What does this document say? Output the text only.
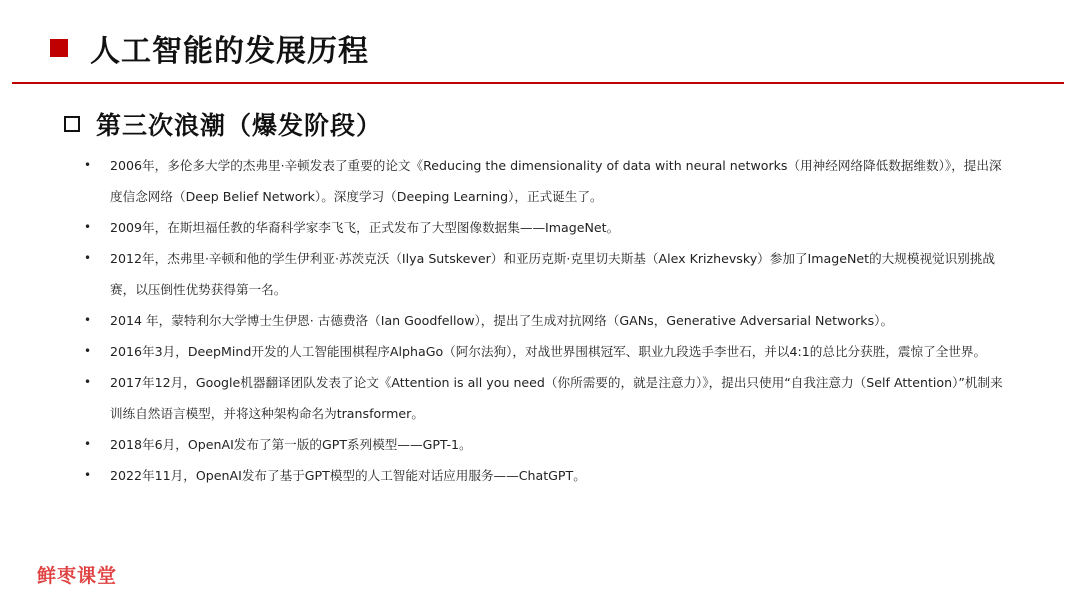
人工智能的发展历程
第三次浪潮（爆发阶段）
• 2006年，多伦多大学的杰弗里·辛顿发表了重要的论文《Reducing the dimensionality of data with neural networks（用神经网络降低数据维数）》，提出深度信念网络（Deep Belief Network）。深度学习（Deeping Learning），正式诞生了。
• 2009年，在斯坦福任教的华裔科学家李飞飞，正式发布了大型图像数据集——ImageNet。
• 2012年，杰弗里·辛顿和他的学生伊利亚·苏茨克沃（Ilya Sutskever）和亚历克斯·克里切夫斯基（Alex Krizhevsky）参加了ImageNet的大规模视觉识别挑战赛，以压倒性优势获得第一名。
• 2014 年，蒙特利尔大学博士生伊恩· 古德费洛（Ian Goodfellow），提出了生成对抗网络（GANs，Generative Adversarial Networks）。
• 2016年3月，DeepMind开发的人工智能围棋程序AlphaGo（阿尔法狗），对战世界围棋冠军、职业九段选手李世石，并以4:1的总比分获胜，震惊了全世界。
• 2017年12月，Google机器翻译团队发表了论文《Attention is all you need（你所需要的，就是注意力）》，提出只使用“自我注意力（Self Attention）”机制来训练自然语言模型，并将这种架构命名为transformer。
• 2018年6月，OpenAI发布了第一版的GPT系列模型——GPT-1。
• 2022年11月，OpenAI发布了基于GPT模型的人工智能对话应用服务——ChatGPT。
鲜枣课堂
